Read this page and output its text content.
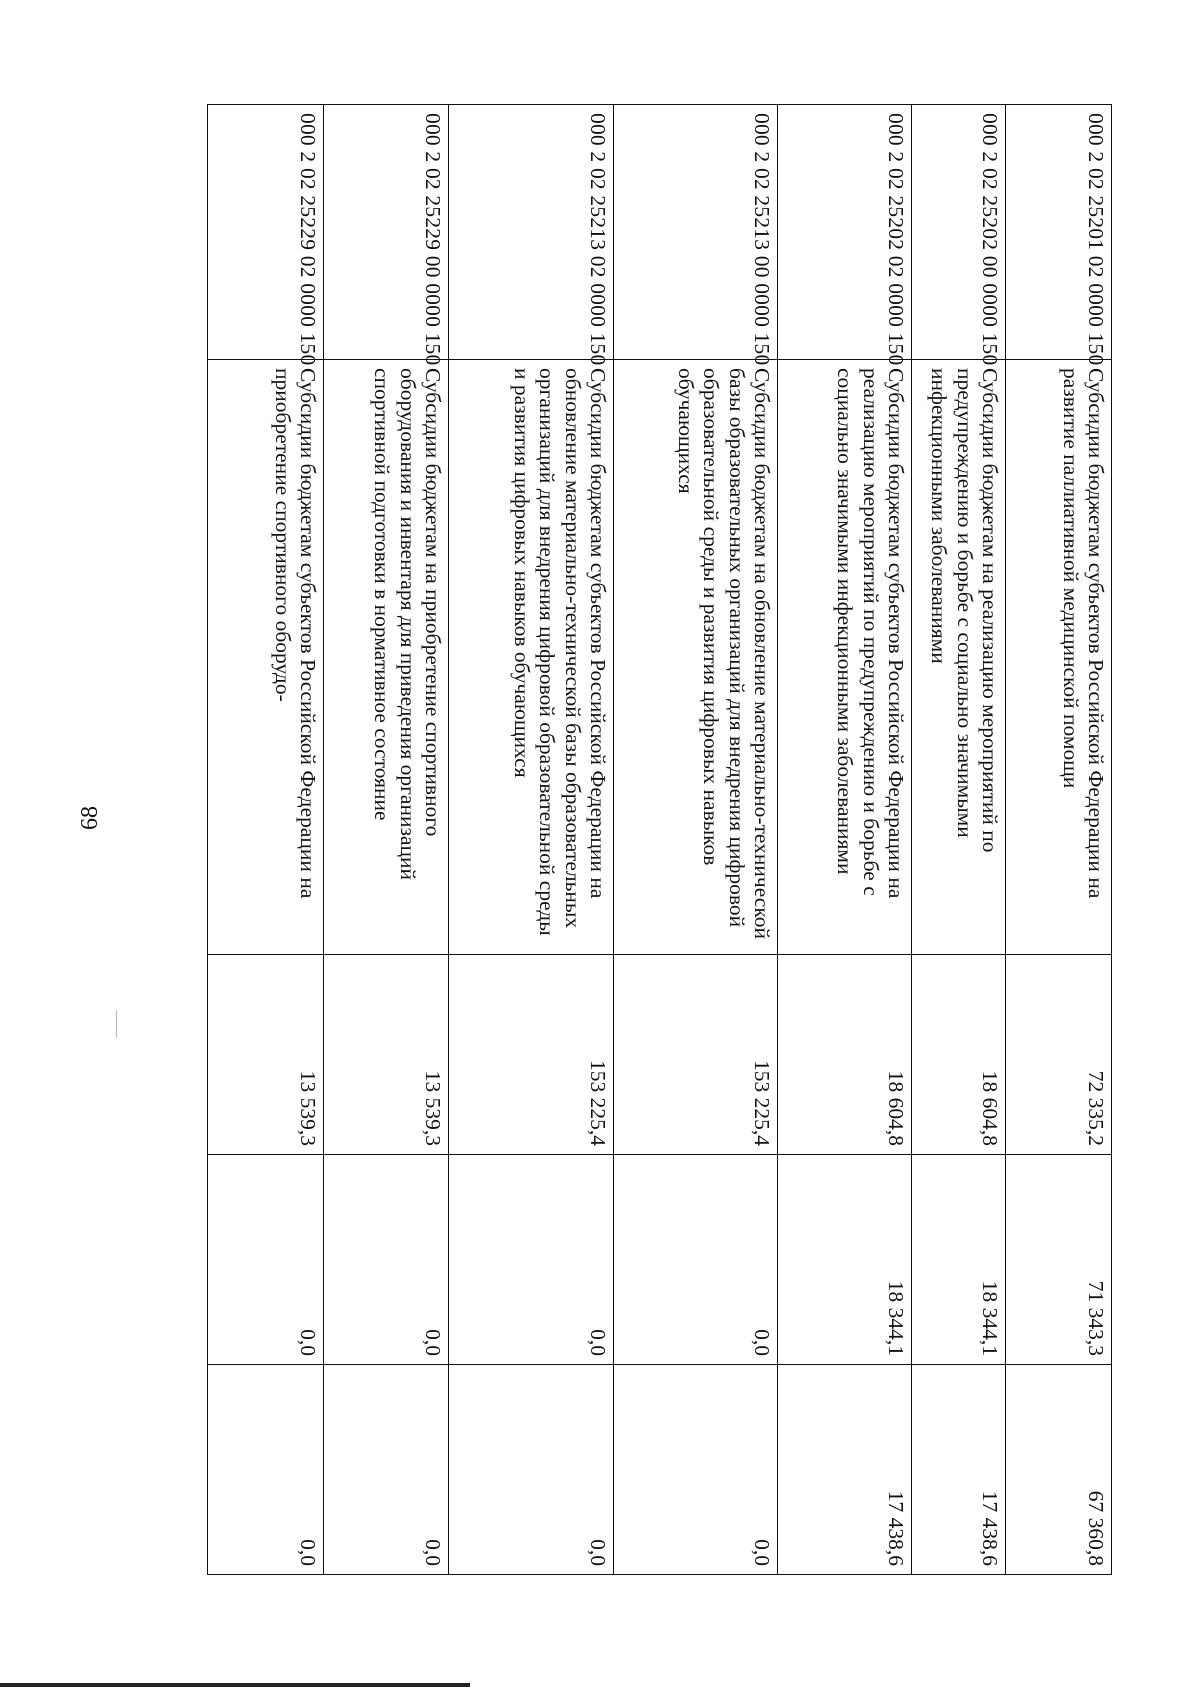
68
000 2 02 25201 02 0000 150	Субсидии бюджетам субъектов Российской Федерации на развитие паллиативной медицинской помощи	72 335,2	71 343,3	67 360,8
000 2 02 25202 00 0000 150	Субсидии бюджетам на реализацию мероприятий по предупреждению и борьбе с социально значимыми инфекционными заболеваниями	18 604,8	18 344,1	17 438,6
000 2 02 25202 02 0000 150	Субсидии бюджетам субъектов Российской Федерации на реализацию мероприятий по предупреждению и борьбе с социально значимыми инфекционными заболеваниями	18 604,8	18 344,1	17 438,6
000 2 02 25213 00 0000 150	Субсидии бюджетам на обновление материально-технической базы образовательных организаций для внедрения цифровой образовательной среды и развития цифровых навыков обучающихся	153 225,4	0,0	0,0
000 2 02 25213 02 0000 150	Субсидии бюджетам субъектов Российской Федерации на обновление материально-технической базы образовательных организаций для внедрения цифровой образовательной среды и развития цифровых навыков обучающихся	153 225,4	0,0	0,0
000 2 02 25229 00 0000 150	Субсидии бюджетам на приобретение спортивного оборудования и инвентаря для приведения организаций спортивной подготовки в нормативное состояние	13 539,3	0,0	0,0
000 2 02 25229 02 0000 150	Субсидии бюджетам субъектов Российской Федерации на приобретение спортивного оборудо-	13 539,3	0,0	0,0
